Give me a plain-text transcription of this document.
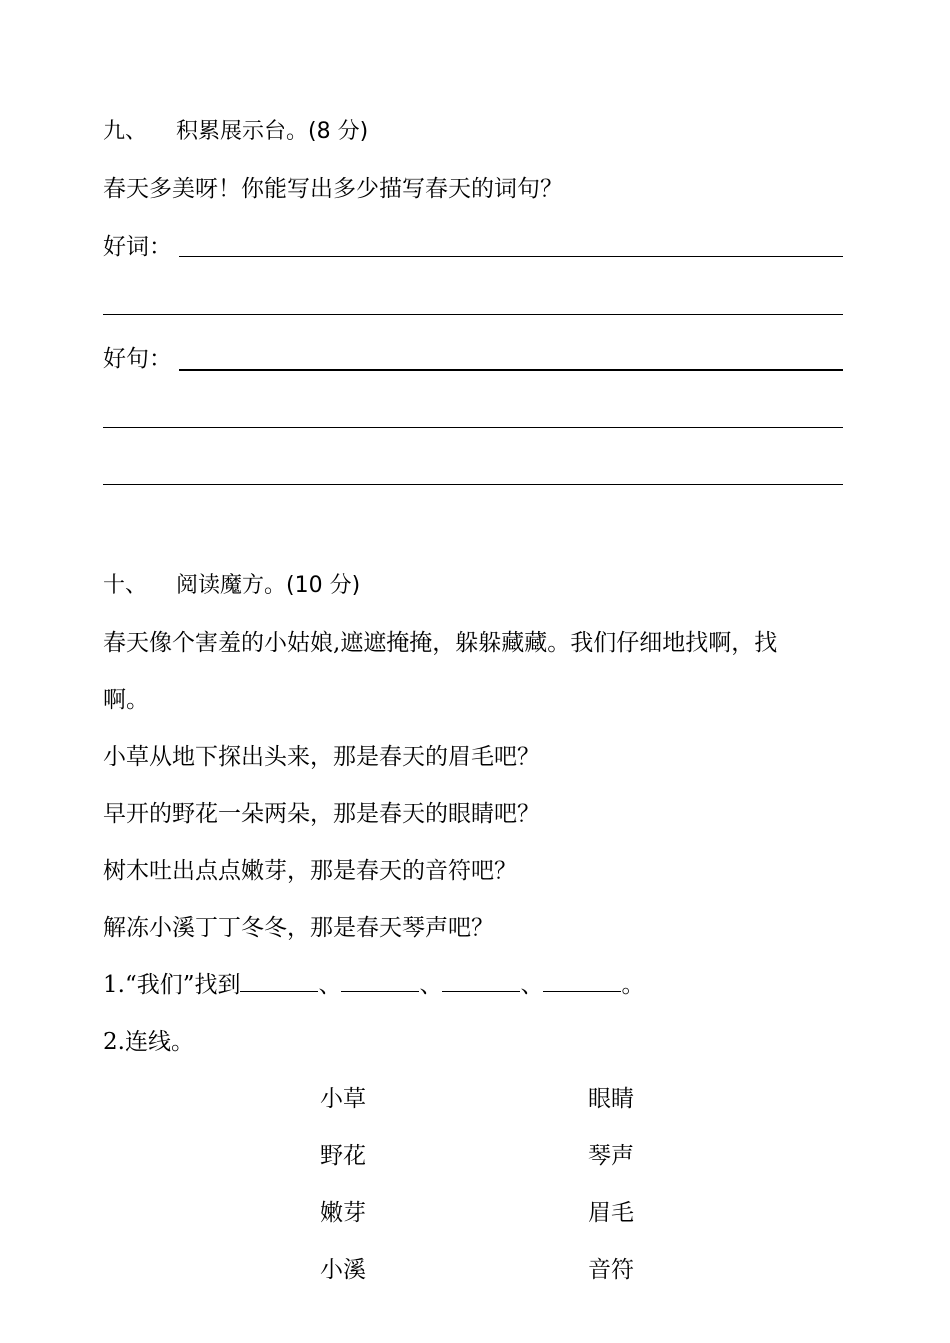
九、 积累展示台。(8 分)
春天多美呀！你能写出多少描写春天的词句？
好词：
好句：
十、 阅读魔方。(10 分)
春天像个害羞的小姑娘,遮遮掩掩，躲躲藏藏。我们仔细地找啊，找
啊。
小草从地下探出头来，那是春天的眉毛吧？
早开的野花一朵两朵，那是春天的眼睛吧？
树木吐出点点嫩芽，那是春天的音符吧？
解冻小溪丁丁冬冬，那是春天琴声吧？
1.“我们”找到	、	、	、	。
2.连线。
小草	眼睛
野花	琴声
嫩芽	眉毛
小溪	音符
